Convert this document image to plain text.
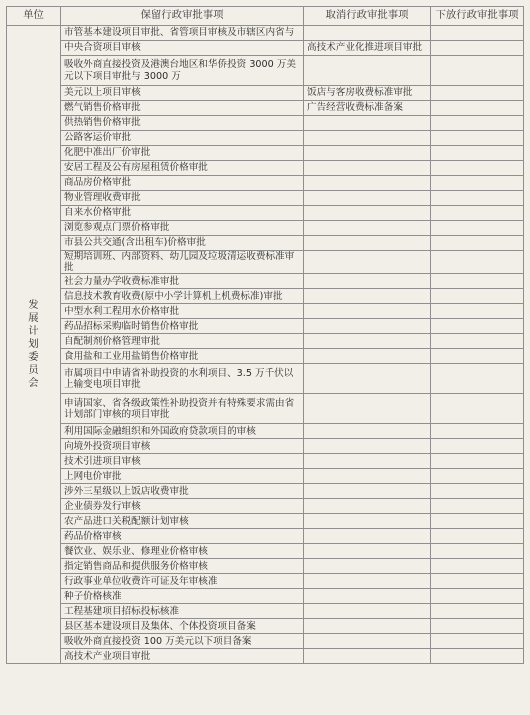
单位	保留行政审批事项	取消行政审批事项	下放行政审批事项
发展计划委员会	市管基本建设项目审批、省管项目审核及市辖区内省与		
	中央合资项目审核	高技术产业化推进项目审批	
	吸收外商直接投资及港澳台地区和华侨投资 3000 万美元以下项目审批与 3000 万		
	美元以上项目审核	饭店与客房收费标准审批	
	燃气销售价格审批	广告经营收费标准备案	
	供热销售价格审批		
	公路客运价审批		
	化肥中准出厂价审批		
	安居工程及公有房屋租赁价格审批		
	商品房价格审批		
	物业管理收费审批		
	自来水价格审批		
	浏览参观点门票价格审批		
	市县公共交通(含出租车)价格审批		
	短期培训班、内部资料、幼儿园及垃圾清运收费标准审批		
	社会力量办学收费标准审批		
	信息技术教育收费(原中小学计算机上机费标准)审批		
	中型水利工程用水价格审批		
	药品招标采购临时销售价格审批		
	自配制剂价格管理审批		
	食用盐和工业用盐销售价格审批		
	市属项目中申请省补助投资的水利项目、3.5 万千伏以上输变电项目审批		
	申请国家、省各级政策性补助投资并有特殊要求需由省计划部门审核的项目审批		
	利用国际金融组织和外国政府贷款项目的审核		
	向境外投资项目审核		
	技术引进项目审核		
	上网电价审批		
	涉外三星级以上饭店收费审批		
	企业债券发行审核		
	农产品进口关税配额计划审核		
	药品价格审核		
	餐饮业、娱乐业、修理业价格审核		
	指定销售商品和提供服务价格审核		
	行政事业单位收费许可证及年审核准		
	种子价格核准		
	工程基建项目招标投标核准		
	县区基本建设项目及集体、个体投资项目备案		
	吸收外商直接投资 100 万美元以下项目备案		
	高技术产业项目审批		
